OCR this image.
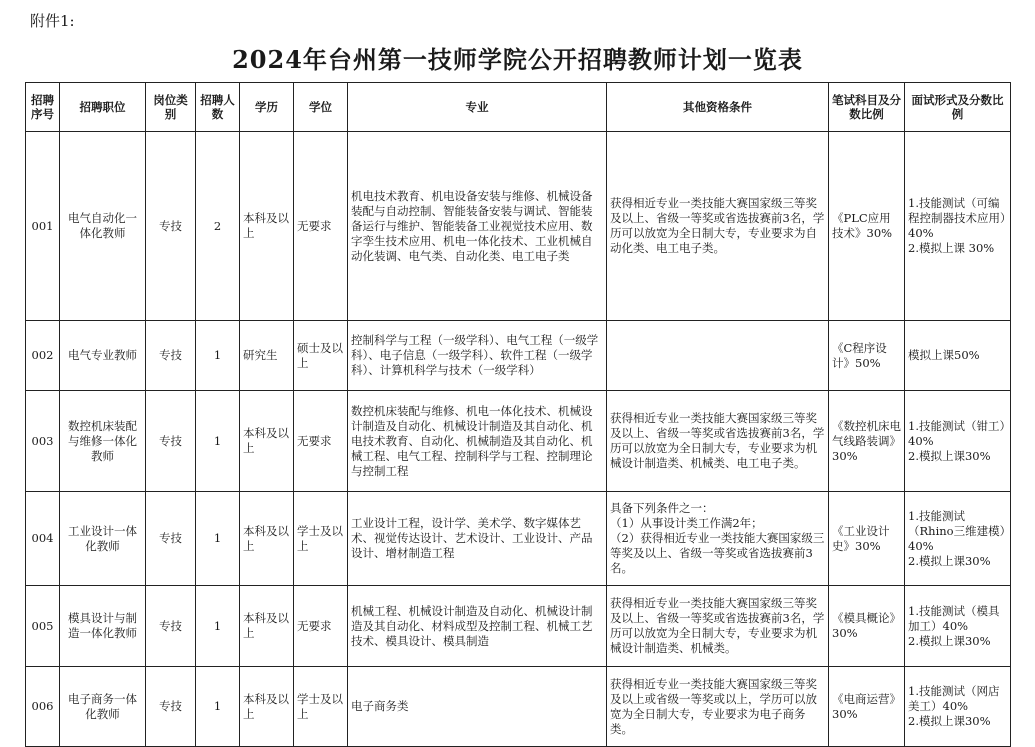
附件1:
2024年台州第一技师学院公开招聘教师计划一览表
招聘序号	招聘职位	岗位类别	招聘人数	学历	学位	专业	其他资格条件	笔试科目及分数比例	面试形式及分数比例
001	电气自动化一体化教师	专技	2	本科及以上	无要求	机电技术教育、机电设备安装与维修、机械设备装配与自动控制、智能装备安装与调试、智能装备运行与维护、智能装备工业视觉技术应用、数字孪生技术应用、机电一体化技术、工业机械自动化装调、电气类、自动化类、电工电子类	获得相近专业一类技能大赛国家级三等奖及以上、省级一等奖或省选拔赛前3名，学历可以放宽为全日制大专，专业要求为自动化类、电工电子类。	《PLC应用技术》30%	1.技能测试（可编程控制器技术应用）40%
2.模拟上课 30%
002	电气专业教师	专技	1	研究生	硕士及以上	控制科学与工程（一级学科）、电气工程（一级学科）、电子信息（一级学科）、软件工程（一级学科）、计算机科学与技术（一级学科）		《C程序设计》50%	模拟上课50%
003	数控机床装配与维修一体化教师	专技	1	本科及以上	无要求	数控机床装配与维修、机电一体化技术、机械设计制造及自动化、机械设计制造及其自动化、机电技术教育、自动化、机械制造及其自动化、机械工程、电气工程、控制科学与工程、控制理论与控制工程	获得相近专业一类技能大赛国家级三等奖及以上、省级一等奖或省选拔赛前3名，学历可以放宽为全日制大专，专业要求为机械设计制造类、机械类、电工电子类。	《数控机床电气线路装调》30%	1.技能测试（钳工）40%
2.模拟上课30%
004	工业设计一体化教师	专技	1	本科及以上	学士及以上	工业设计工程，设计学、美术学、数字媒体艺术、视觉传达设计、艺术设计、工业设计、产品设计、增材制造工程	具备下列条件之一：
（1）从事设计类工作满2年；
（2）获得相近专业一类技能大赛国家级三等奖及以上、省级一等奖或省选拔赛前3名。	《工业设计史》30%	1.技能测试（Rhino三维建模）40%
2.模拟上课30%
005	模具设计与制造一体化教师	专技	1	本科及以上	无要求	机械工程、机械设计制造及自动化、机械设计制造及其自动化、材料成型及控制工程、机械工艺技术、模具设计、模具制造	获得相近专业一类技能大赛国家级三等奖及以上、省级一等奖或省选拔赛前3名，学历可以放宽为全日制大专，专业要求为机械设计制造类、机械类。	《模具概论》30%	1.技能测试（模具加工）40%
2.模拟上课30%
006	电子商务一体化教师	专技	1	本科及以上	学士及以上	电子商务类	获得相近专业一类技能大赛国家级三等奖及以上或省级一等奖或以上，学历可以放宽为全日制大专，专业要求为电子商务类。	《电商运营》30%	1.技能测试（网店美工）40%
2.模拟上课30%
